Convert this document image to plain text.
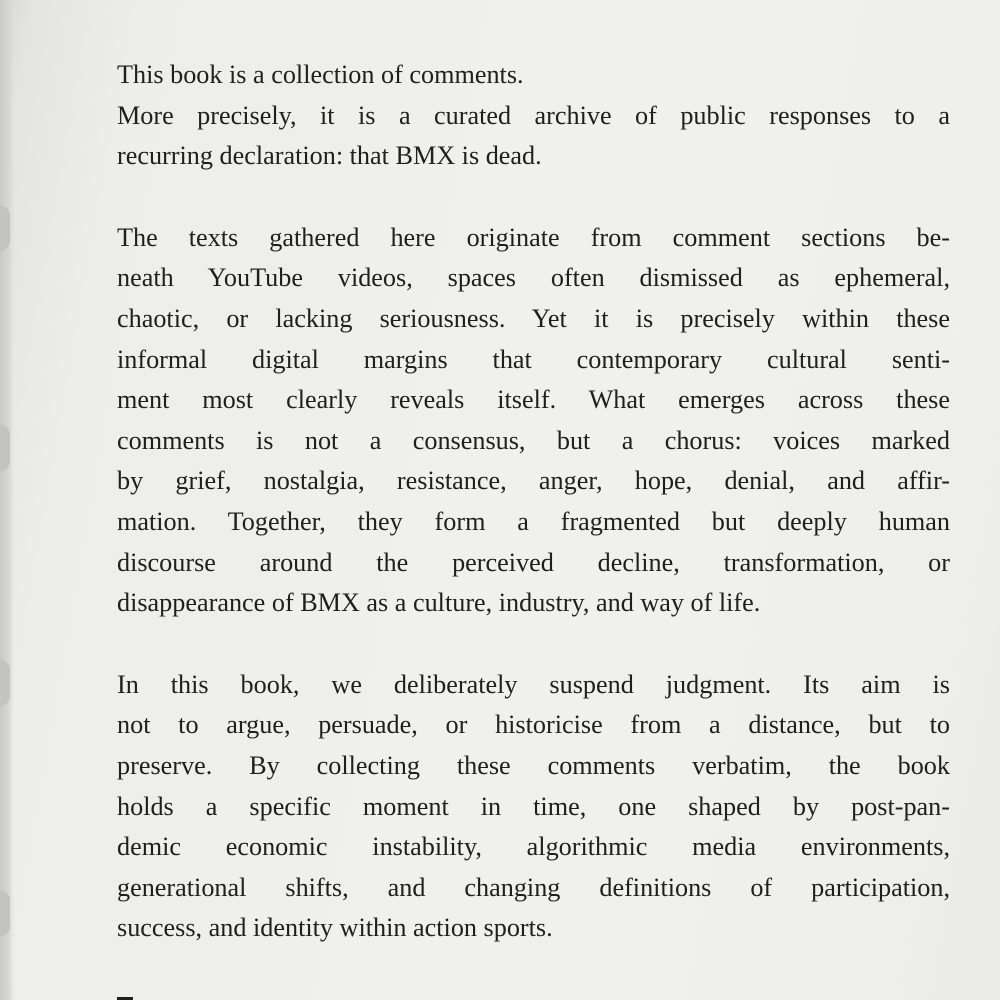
This book is a collection of comments.
More precisely, it is a curated archive of public responses to a
recurring declaration: that BMX is dead.

The texts gathered here originate from comment sections be-
neath YouTube videos, spaces often dismissed as ephemeral,
chaotic, or lacking seriousness. Yet it is precisely within these
informal digital margins that contemporary cultural senti-
ment most clearly reveals itself. What emerges across these
comments is not a consensus, but a chorus: voices marked
by grief, nostalgia, resistance, anger, hope, denial, and affir-
mation. Together, they form a fragmented but deeply human
discourse around the perceived decline, transformation, or
disappearance of BMX as a culture, industry, and way of life.

In this book, we deliberately suspend judgment. Its aim is
not to argue, persuade, or historicise from a distance, but to
preserve. By collecting these comments verbatim, the book
holds a specific moment in time, one shaped by post-pan-
demic economic instability, algorithmic media environments,
generational shifts, and changing definitions of participation,
success, and identity within action sports.
